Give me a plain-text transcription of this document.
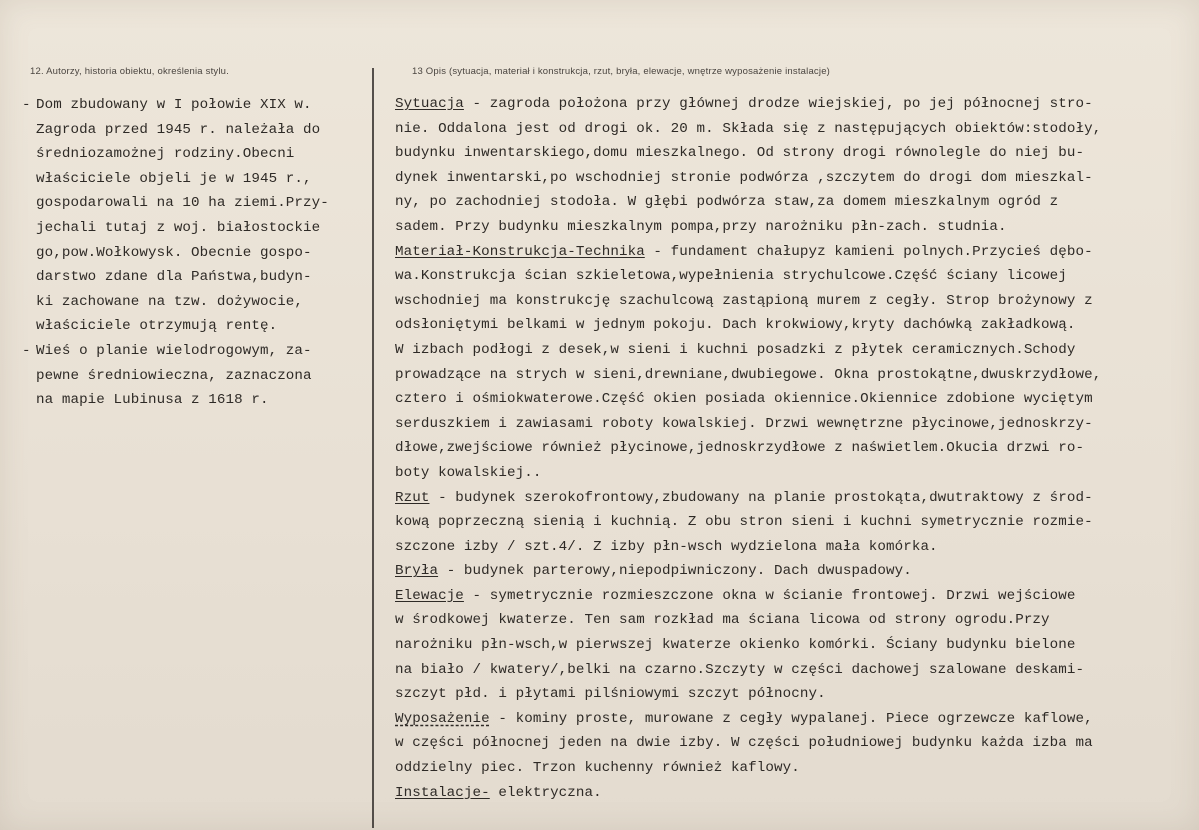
12. Autorzy, historia obiektu, określenia stylu.	13 Opis (sytuacja, materiał i konstrukcja, rzut, bryła, elewacje, wnętrze wyposażenie instalacje)
- Dom zbudowany w I połowie XIX w.
Zagroda przed 1945 r. należała do
średniozamożnej rodziny.Obecni
właściciele objeli je w 1945 r.,
gospodarowali na 10 ha ziemi.Przy-
jechali tutaj z woj. białostockie
go,pow.Wołkowysk. Obecnie gospo-
darstwo zdane dla Państwa,budyn-
ki zachowane na tzw. dożywocie,
właściciele otrzymują rentę.
- Wieś o planie wielodrogowym, za-
pewne średniowieczna, zaznaczona
na mapie Lubinusa z 1618 r.
Sytuacja - zagroda położona przy głównej drodze wiejskiej, po jej północnej stro-
nie. Oddalona jest od drogi ok. 20 m. Składa się z następujących obiektów:stodoły,
budynku inwentarskiego,domu mieszkalnego. Od strony drogi równolegle do niej bu-
dynek inwentarski,po wschodniej stronie podwórza ,szczytem do drogi dom mieszkal-
ny, po zachodniej stodoła. W głębi podwórza staw,za domem mieszkalnym ogród z
sadem. Przy budynku mieszkalnym pompa,przy narożniku płn-zach. studnia.
Materiał-Konstrukcja-Technika - fundament chałupyz kamieni polnych.Przycieś dębo-
wa.Konstrukcja ścian szkieletowa,wypełnienia strychulcowe.Część ściany licowej
wschodniej ma konstrukcję szachulcową zastąpioną murem z cegły. Strop brożynowy z
odsłoniętymi belkami w jednym pokoju. Dach krokwiowy,kryty dachówką zakładkową.
W izbach podłogi z desek,w sieni i kuchni posadzki z płytek ceramicznych.Schody
prowadzące na strych w sieni,drewniane,dwubiegowe. Okna prostokątne,dwuskrzydłowe,
cztero i ośmiokwaterowe.Część okien posiada okiennice.Okiennice zdobione wyciętym
serduszkiem i zawiasami roboty kowalskiej. Drzwi wewnętrzne płycinowe,jednoskrzy-
dłowe,zwejściowe również płycinowe,jednoskrzydłowe z naświetlem.Okucia drzwi ro-
boty kowalskiej..
Rzut - budynek szerokofrontowy,zbudowany na planie prostokąta,dwutraktowy z środ-
kową poprzeczną sienią i kuchnią. Z obu stron sieni i kuchni symetrycznie rozmie-
szczone izby / szt.4/. Z izby płn-wsch wydzielona mała komórka.
Bryła - budynek parterowy,niepodpiwniczony. Dach dwuspadowy.
Elewacje - symetrycznie rozmieszczone okna w ścianie frontowej. Drzwi wejściowe
w środkowej kwaterze. Ten sam rozkład ma ściana licowa od strony ogrodu.Przy
narożniku płn-wsch,w pierwszej kwaterze okienko komórki. Ściany budynku bielone
na biało / kwatery/,belki na czarno.Szczyty w części dachowej szalowane deskami-
szczyt płd. i płytami pilśniowymi szczyt północny.
Wyposażenie - kominy proste, murowane z cegły wypalanej. Piece ogrzewcze kaflowe,
w części północnej jeden na dwie izby. W części południowej budynku każda izba ma
oddzielny piec. Trzon kuchenny również kaflowy.
Instalacje- elektryczna.
